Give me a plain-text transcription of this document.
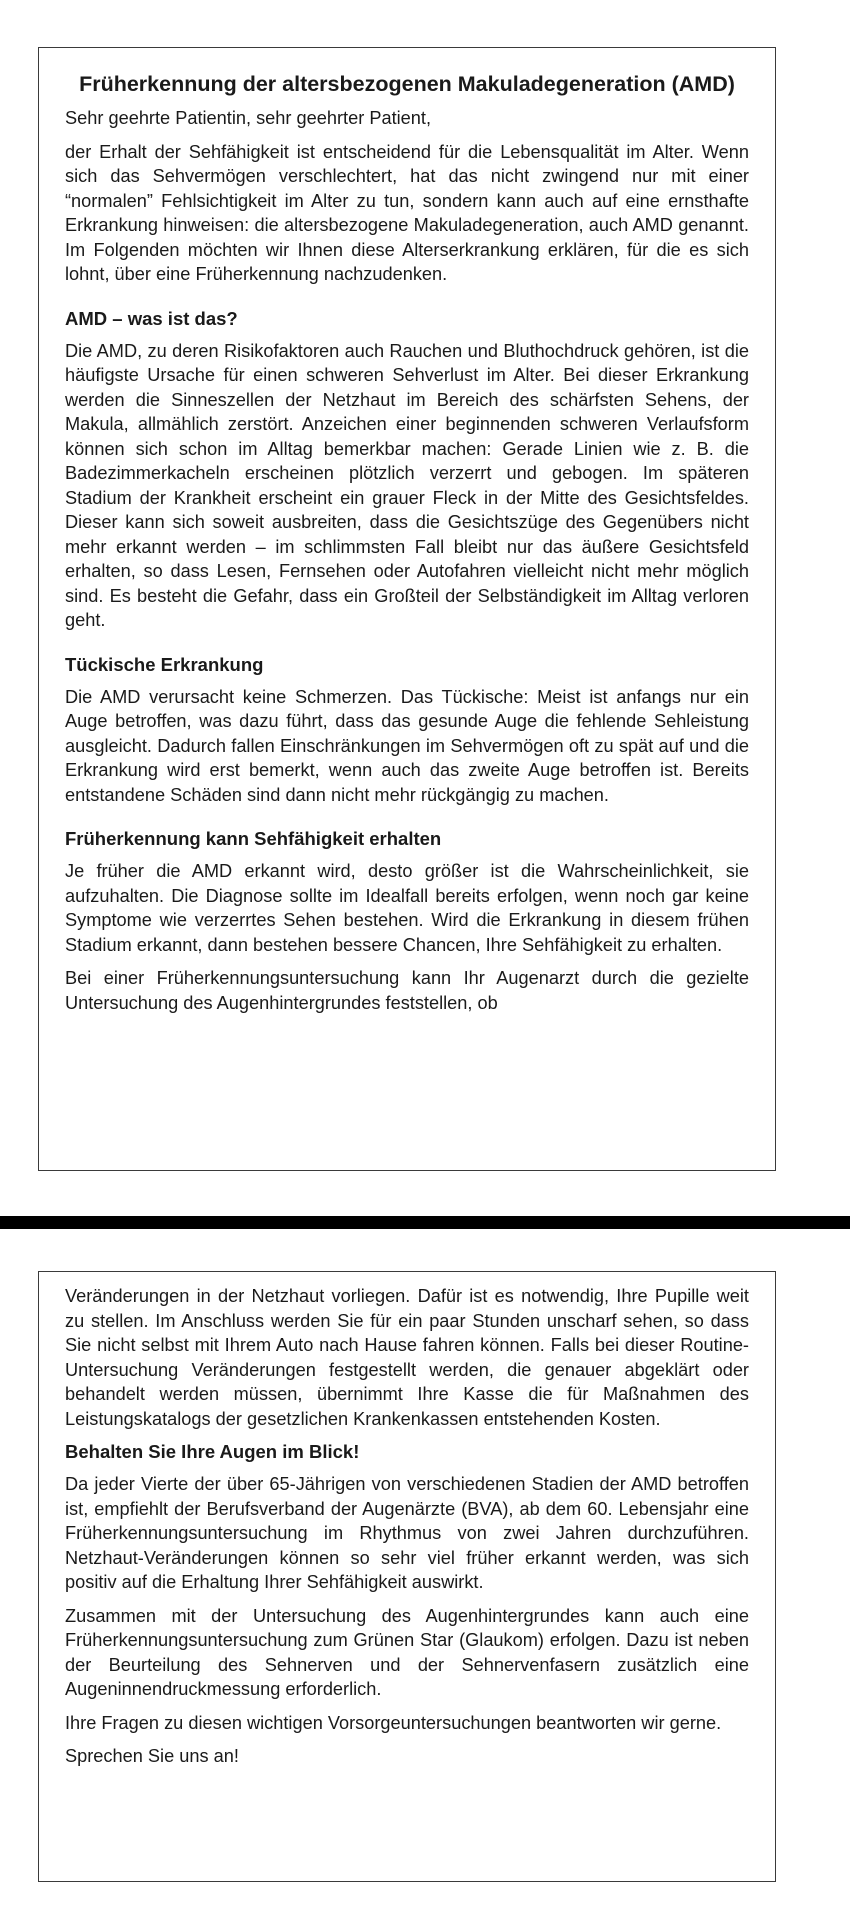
Früherkennung der altersbezogenen Makuladegeneration (AMD)

Sehr geehrte Patientin, sehr geehrter Patient,

der Erhalt der Sehfähigkeit ist entscheidend für die Lebensqualität im Alter. Wenn sich das Sehvermögen verschlechtert, hat das nicht zwingend nur mit einer “normalen” Fehlsichtigkeit im Alter zu tun, sondern kann auch auf eine ernsthafte Erkrankung hinweisen: die altersbezogene Makuladegeneration, auch AMD genannt. Im Folgenden möchten wir Ihnen diese Alterserkrankung erklären, für die es sich lohnt, über eine Früherkennung nachzudenken.

AMD – was ist das?

Die AMD, zu deren Risikofaktoren auch Rauchen und Bluthochdruck gehören, ist die häufigste Ursache für einen schweren Sehverlust im Alter. Bei dieser Erkrankung werden die Sinneszellen der Netzhaut im Bereich des schärfsten Sehens, der Makula, allmählich zerstört. Anzeichen einer beginnenden schweren Verlaufsform können sich schon im Alltag bemerkbar machen: Gerade Linien wie z. B. die Badezimmerkacheln erscheinen plötzlich verzerrt und gebogen. Im späteren Stadium der Krankheit erscheint ein grauer Fleck in der Mitte des Gesichtsfeldes. Dieser kann sich soweit ausbreiten, dass die Gesichtszüge des Gegenübers nicht mehr erkannt werden – im schlimmsten Fall bleibt nur das äußere Gesichtsfeld erhalten, so dass Lesen, Fernsehen oder Autofahren vielleicht nicht mehr möglich sind. Es besteht die Gefahr, dass ein Großteil der Selbständigkeit im Alltag verloren geht.

Tückische Erkrankung

Die AMD verursacht keine Schmerzen. Das Tückische: Meist ist anfangs nur ein Auge betroffen, was dazu führt, dass das gesunde Auge die fehlende Sehleistung ausgleicht. Dadurch fallen Einschränkungen im Sehvermögen oft zu spät auf und die Erkrankung wird erst bemerkt, wenn auch das zweite Auge betroffen ist. Bereits entstandene Schäden sind dann nicht mehr rückgängig zu machen.

Früherkennung kann Sehfähigkeit erhalten

Je früher die AMD erkannt wird, desto größer ist die Wahrscheinlichkeit, sie aufzuhalten. Die Diagnose sollte im Idealfall bereits erfolgen, wenn noch gar keine Symptome wie verzerrtes Sehen bestehen. Wird die Erkrankung in diesem frühen Stadium erkannt, dann bestehen bessere Chancen, Ihre Sehfähigkeit zu erhalten.

Bei einer Früherkennungsuntersuchung kann Ihr Augenarzt durch die gezielte Untersuchung des Augenhintergrundes feststellen, ob

Veränderungen in der Netzhaut vorliegen. Dafür ist es notwendig, Ihre Pupille weit zu stellen. Im Anschluss werden Sie für ein paar Stunden unscharf sehen, so dass Sie nicht selbst mit Ihrem Auto nach Hause fahren können. Falls bei dieser Routine-Untersuchung Veränderungen festgestellt werden, die genauer abgeklärt oder behandelt werden müssen, übernimmt Ihre Kasse die für Maßnahmen des Leistungskatalogs der gesetzlichen Krankenkassen entstehenden Kosten.

Behalten Sie Ihre Augen im Blick!

Da jeder Vierte der über 65-Jährigen von verschiedenen Stadien der AMD betroffen ist, empfiehlt der Berufsverband der Augenärzte (BVA), ab dem 60. Lebensjahr eine Früherkennungsuntersuchung im Rhythmus von zwei Jahren durchzuführen. Netzhaut-Veränderungen können so sehr viel früher erkannt werden, was sich positiv auf die Erhaltung Ihrer Sehfähigkeit auswirkt.

Zusammen mit der Untersuchung des Augenhintergrundes kann auch eine Früherkennungsuntersuchung zum Grünen Star (Glaukom) erfolgen. Dazu ist neben der Beurteilung des Sehnerven und der Sehnervenfasern zusätzlich eine Augeninnendruckmessung erforderlich.

Ihre Fragen zu diesen wichtigen Vorsorgeuntersuchungen beantworten wir gerne.

Sprechen Sie uns an!
